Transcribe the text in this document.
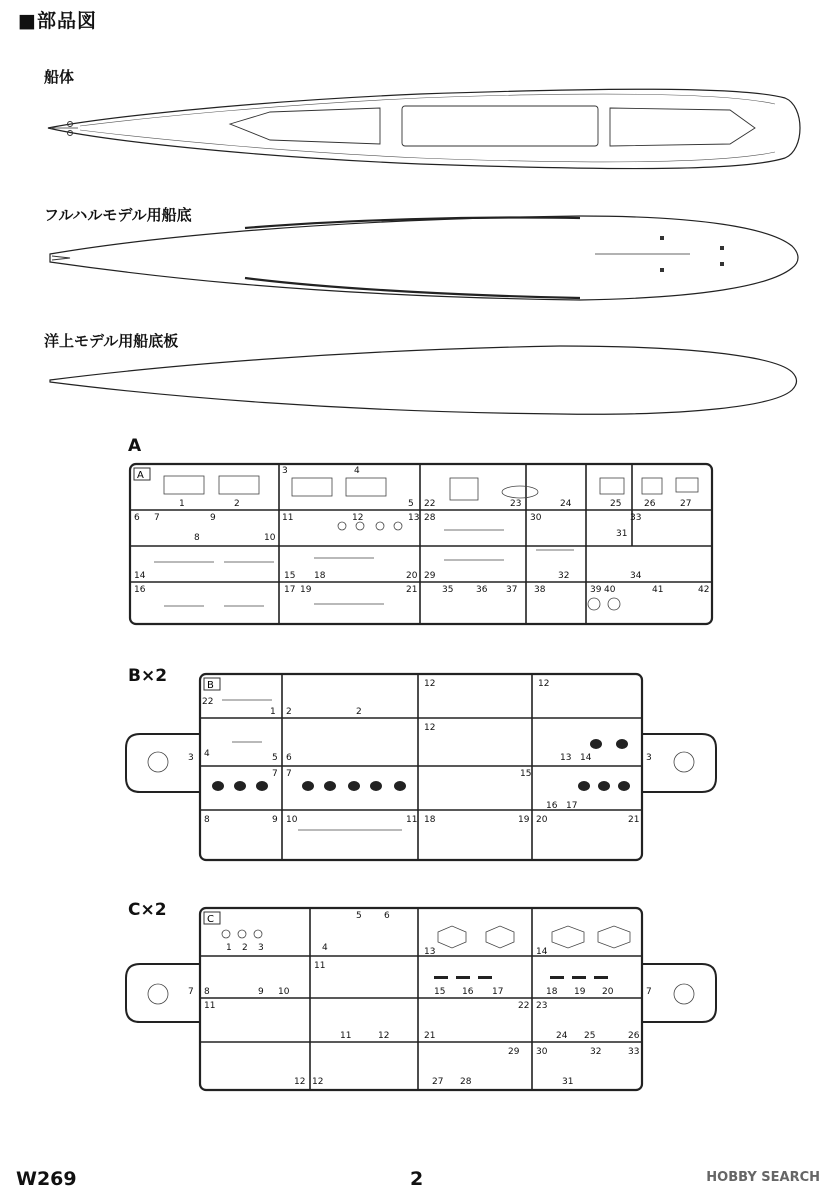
■部品図
船体
フルハルモデル用船底
洋上モデル用船底板
A
A
1	2
3	4
5
6 7
8
9
10
11	12	13
14	15
16	17
18
19
20
21
22	23	24	25	26	27
28
29
30
31
32
33
34
35	36 37 38	39 40	41	42
B×2	B
22
1 2	2
12	12
3 4	5 6
12
13 14	3
7 7	15
16 17
8	9 10	11 18	19 20	21
C×2	C
1 2 3	4
5 6
13	14
7 8	9 10
11
15 16 17	18 19 20	7
11	22 23
11	12	21	24 25	26
29 30	32	33
12 12	27 28	31
W269	2	HOBBY SEARCH
